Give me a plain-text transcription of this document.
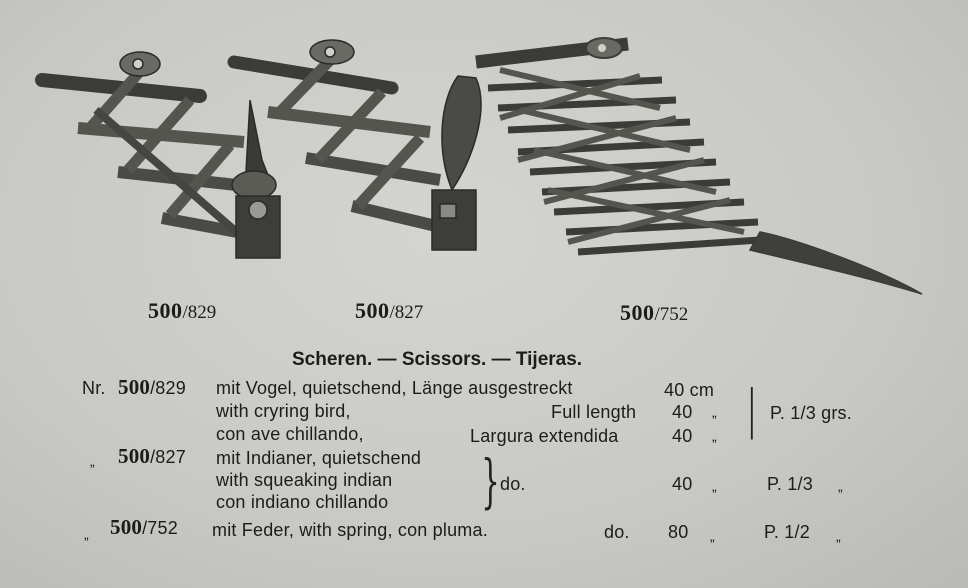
500/829	500/827	500/752
Scheren. — Scissors. — Tijeras.
Nr. 500/829 mit Vogel, quietschend, Länge ausgestreckt	40 cm
with cryring bird,	Full length 40 „
con ave chillando,	Largura extendida	40 „ | P. 1/3 grs.
„ 500/827 mit Indianer, quietschend
with squeaking indian
con indiano chillando } do.	40 „	P. 1/3 „
„ 500/752 mit Feder, with spring, con pluma.	do. 80 „	P. 1/2 „
